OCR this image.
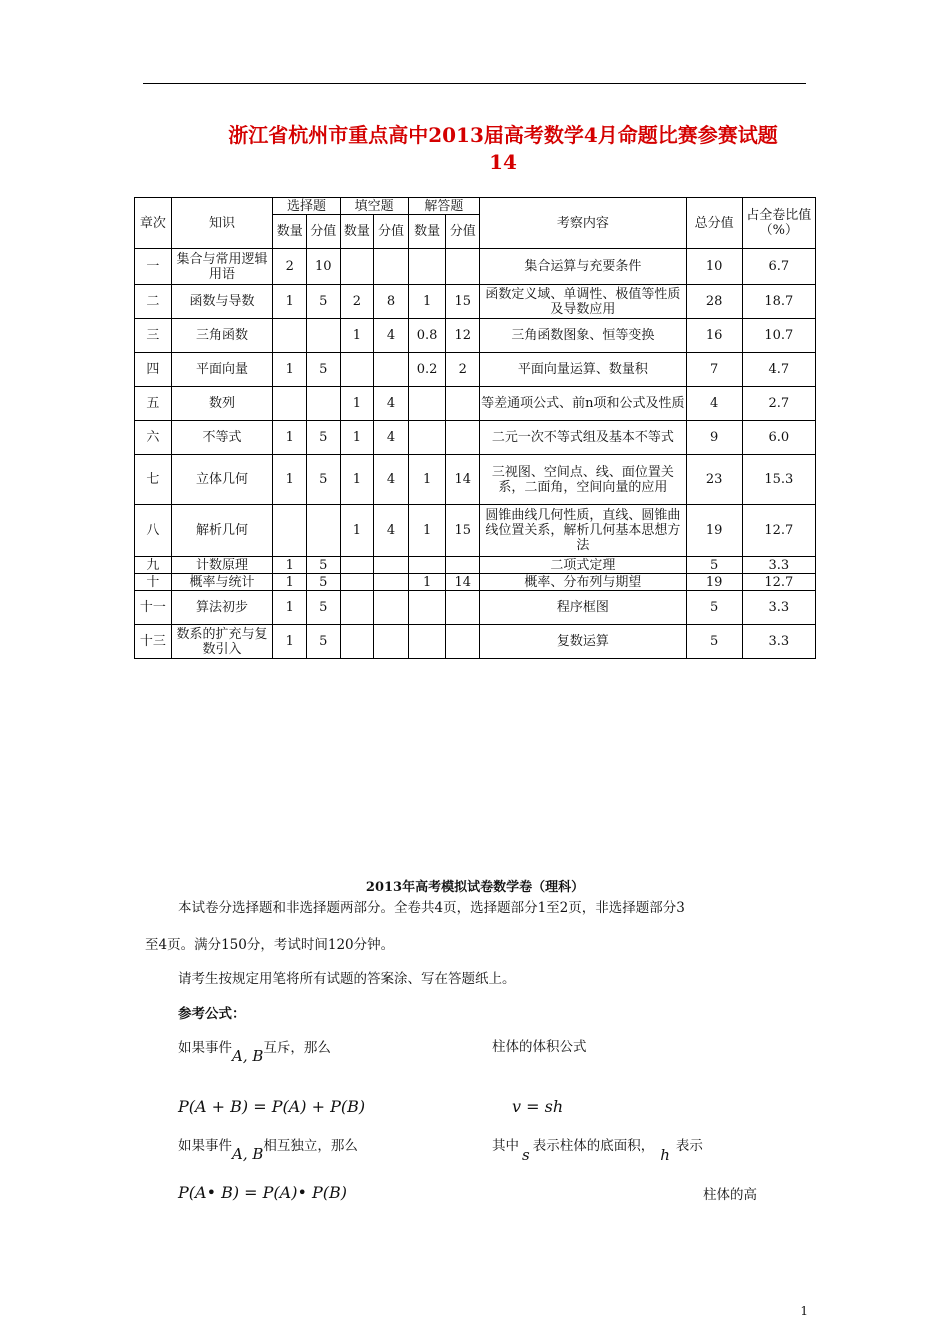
浙江省杭州市重点高中2013届高考数学4月命题比赛参赛试题
14
章次	知识	选择题		填空题		解答题		考察内容	总分值	占全卷比值（%）
		数量	分值	数量	分值	数量	分值			
一	集合与常用逻辑用语	2	10					集合运算与充要条件	10	6.7
二	函数与导数	1	5	2	8	1	15	函数定义域、单调性、极值等性质及导数应用	28	18.7
三	三角函数			1	4	0.8	12	三角函数图象、恒等变换	16	10.7
四	平面向量	1	5			0.2	2	平面向量运算、数量积	7	4.7
五	数列			1	4			等差通项公式、前n项和公式及性质	4	2.7
六	不等式	1	5	1	4			二元一次不等式组及基本不等式	9	6.0
七	立体几何	1	5	1	4	1	14	三视图、空间点、线、面位置关系，二面角，空间向量的应用	23	15.3
八	解析几何			1	4	1	15	圆锥曲线几何性质，直线、圆锥曲线位置关系，解析几何基本思想方法	19	12.7
九	计数原理	1	5					二项式定理	5	3.3
十	概率与统计	1	5			1	14	概率、分布列与期望	19	12.7
十一	算法初步	1	5					程序框图	5	3.3
十三	数系的扩充与复数引入	1	5					复数运算	5	3.3
2013年高考模拟试卷数学卷（理科）
本试卷分选择题和非选择题两部分。全卷共4页，选择题部分1至2页，非选择题部分3
至4页。满分150分，考试时间120分钟。
请考生按规定用笔将所有试题的答案涂、写在答题纸上。
参考公式：
如果事件A, B互斥，那么
P(A + B) = P(A) + P(B)
如果事件A, B相互独立，那么
P(A• B) = P(A)• P(B)
柱体的体积公式
v = sh
其中 s 表示柱体的底面积， h 表示
柱体的高
1
